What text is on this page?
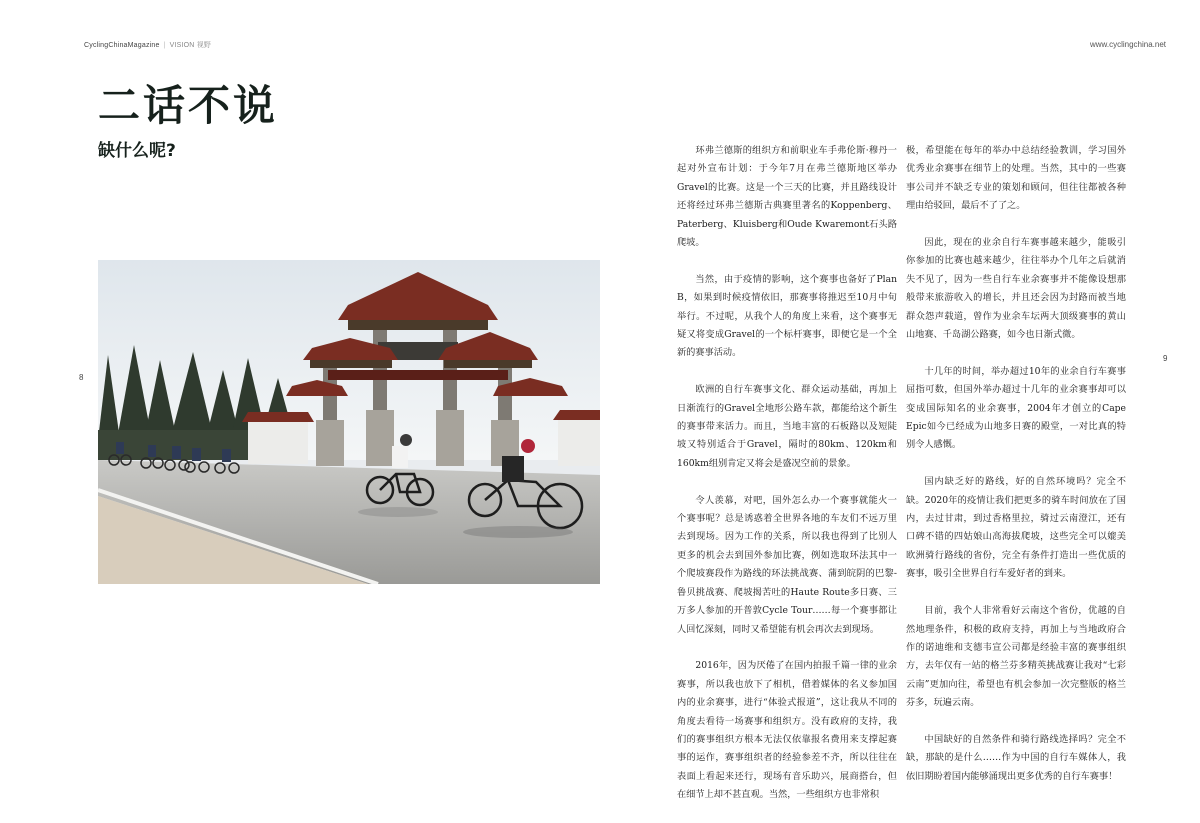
CyclingChinaMagazine | VISION 视野	www.cyclingchina.net
二话不说
缺什么呢?
8
9

环弗兰德斯的组织方和前职业车手弗伦斯·穆丹一起对外宣布计划：于今年7月在弗兰德斯地区举办Gravel的比赛。这是一个三天的比赛，并且路线设计还将经过环弗兰德斯古典赛里著名的Koppenberg、Paterberg、Kluisberg和Oude Kwaremont石头路爬坡。

当然，由于疫情的影响，这个赛事也备好了Plan B，如果到时候疫情依旧，那赛事将推迟至10月中旬举行。不过呢，从我个人的角度上来看，这个赛事无疑又将变成Gravel的一个标杆赛事，即便它是一个全新的赛事活动。

欧洲的自行车赛事文化、群众运动基础，再加上日渐流行的Gravel全地形公路车款，都能给这个新生的赛事带来活力。而且，当地丰富的石板路以及短陡坡又特别适合于Gravel，隔时的80km、120km和160km组别肯定又将会是盛况空前的景象。

令人羡慕，对吧，国外怎么办一个赛事就能火一个赛事呢？总是诱惑着全世界各地的车友们不远万里去到现场。因为工作的关系，所以我也得到了比别人更多的机会去到国外参加比赛，例如选取环法其中一个爬坡赛段作为路线的环法挑战赛、蒲到皖阴的巴黎-鲁贝挑战赛、爬坡揭苦吐的Haute Route多日赛、三万多人参加的开普敦Cycle Tour……每一个赛事都让人回忆深刻，同时又希望能有机会再次去到现场。

2016年，因为厌倦了在国内拍报千篇一律的业余赛事，所以我也放下了相机，借着媒体的名义参加国内的业余赛事，进行“体验式报道”，这让我从不同的角度去看待一场赛事和组织方。没有政府的支持，我们的赛事组织方根本无法仅依靠报名费用来支撑起赛事的运作，赛事组织者的经验参差不齐，所以往往在表面上看起来还行，现场有音乐助兴，展商搭台，但在细节上却不甚直观。当然，一些组织方也非常积

极，希望能在每年的举办中总结经验教训，学习国外优秀业余赛事在细节上的处理。当然，其中的一些赛事公司并不缺乏专业的策划和顾问，但往往都被各种理由给驳回，最后不了了之。

因此，现在的业余自行车赛事越来越少，能吸引你参加的比赛也越来越少，往往举办个几年之后就消失不见了，因为一些自行车业余赛事并不能像设想那般带来旅游收入的增长，并且还会因为封路而被当地群众怨声载道，曾作为业余车坛两大顶级赛事的黄山山地赛、千岛湖公路赛，如今也日渐式微。

十几年的时间，举办超过10年的业余自行车赛事屈指可数，但国外举办超过十几年的业余赛事却可以变成国际知名的业余赛事，2004年才创立的Cape Epic如今已经成为山地多日赛的殿堂，一对比真的特别令人感慨。

国内缺乏好的路线，好的自然环境吗？完全不缺。2020年的疫情让我们把更多的骑车时间放在了国内，去过甘肃，到过香格里拉，骑过云南澄江，还有口碑不错的四姑娘山高海拔爬坡，这些完全可以媲美欧洲骑行路线的省份，完全有条件打造出一些优质的赛事，吸引全世界自行车爱好者的到来。

目前，我个人非常看好云南这个省份，优越的自然地理条件，积极的政府支持，再加上与当地政府合作的诺迪维和支德韦宣公司都是经验丰富的赛事组织方，去年仅有一站的格兰芬多精英挑战赛让我对“七彩云南”更加向往，希望也有机会参加一次完整版的格兰芬多，玩遍云南。

中国缺好的自然条件和骑行路线选择吗？完全不缺，那缺的是什么……作为中国的自行车媒体人，我依旧期盼着国内能够涌现出更多优秀的自行车赛事！
